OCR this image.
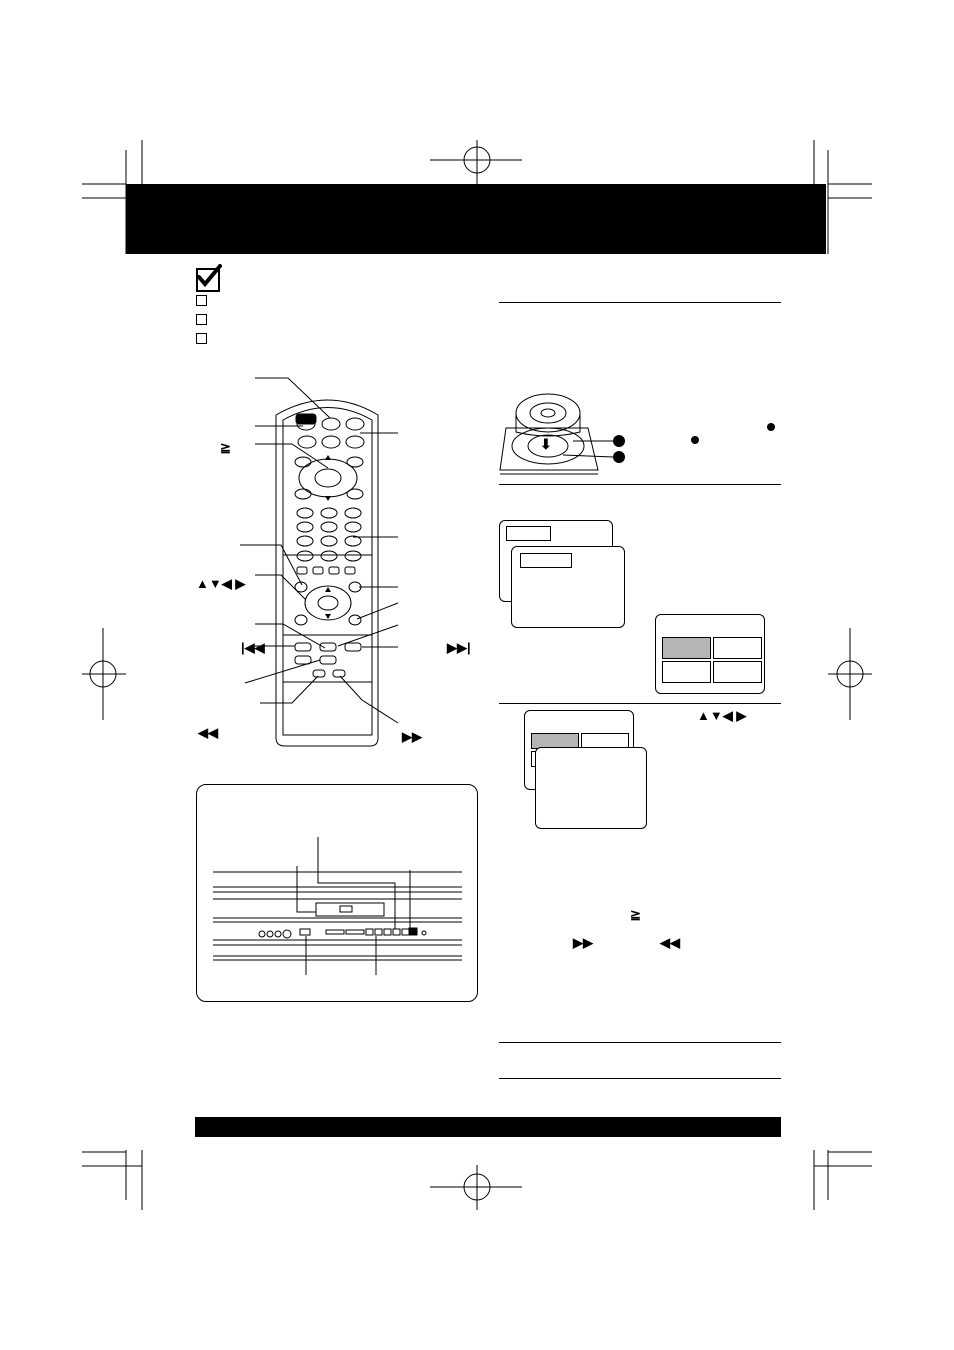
≧
▲▼◀ ▶
|◀◀	▶▶|
◀◀	▶▶
⬇
▲▼◀ ▶
≧
▶▶	◀◀
